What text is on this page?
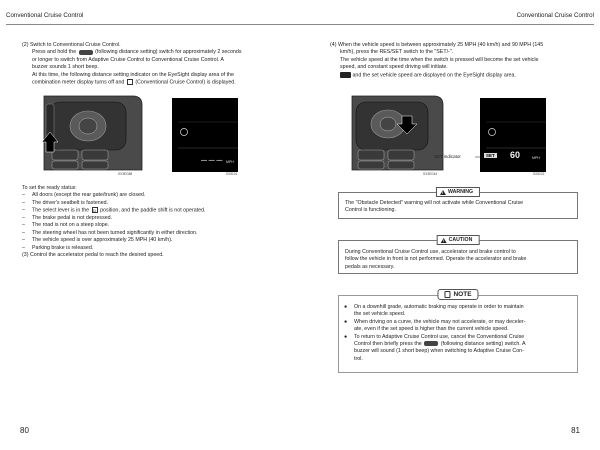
Conventional Cruise Control

(2) Switch to Conventional Cruise Control.

Press and hold the	(following distance setting) switch for approximately 2 seconds

or longer to switch from Adaptive Cruise Control to Conventional Cruise Control. A

buzzer sounds 1 short beep.

At this time, the following distance setting indicator on the EyeSight display area of the

combination meter display turns off and (Conventional Cruise Control) is displayed.

— — — MPH
SX3EG88	SX5101

To set the ready status:

–	All doors (except the rear gate/trunk) are closed.

–	The driver's seatbelt is fastened.

–	The select lever is in the D position, and the paddle shift is not operated.

–	The brake pedal is not depressed.

–	The road is not on a steep slope.

–	The steering wheel has not been turned significantly in either direction.

–	The vehicle speed is over approximately 25 MPH (40 km/h).

–	Parking brake is released.

(3) Control the accelerator pedal to reach the desired speed.

80
Conventional Cruise Control

(4) When the vehicle speed is between approximately 25 MPH (40 km/h) and 90 MPH (145

km/h), press the RES/SET switch to the "SET/-".

The vehicle speed at the time when the switch is pressed will become the set vehicle

speed, and constant speed driving will initiate.

and the set vehicle speed are displayed on the EyeSight display area.

SET indicator	SET 60	MPH
SX3EG44	SX5102
!
WARNING

The "Obstacle Detected" warning will not activate while Conventional Cruise

Control is functioning.

!
CAUTION

During Conventional Cruise Control use, accelerator and brake control to

follow the vehicle in front is not performed. Operate the accelerator and brake

pedals as necessary.

NOTE

●	On a downhill grade, automatic braking may operate in order to maintain

the set vehicle speed.

●	When driving on a curve, the vehicle may not accelerate, or may deceler-

ate, even if the set speed is higher than the current vehicle speed.

●	To return to Adaptive Cruise Control use, cancel the Conventional Cruise

Control then briefly press the	(following distance setting) switch. A

buzzer will sound (1 short beep) when switching to Adaptive Cruise Con-

trol.

81
